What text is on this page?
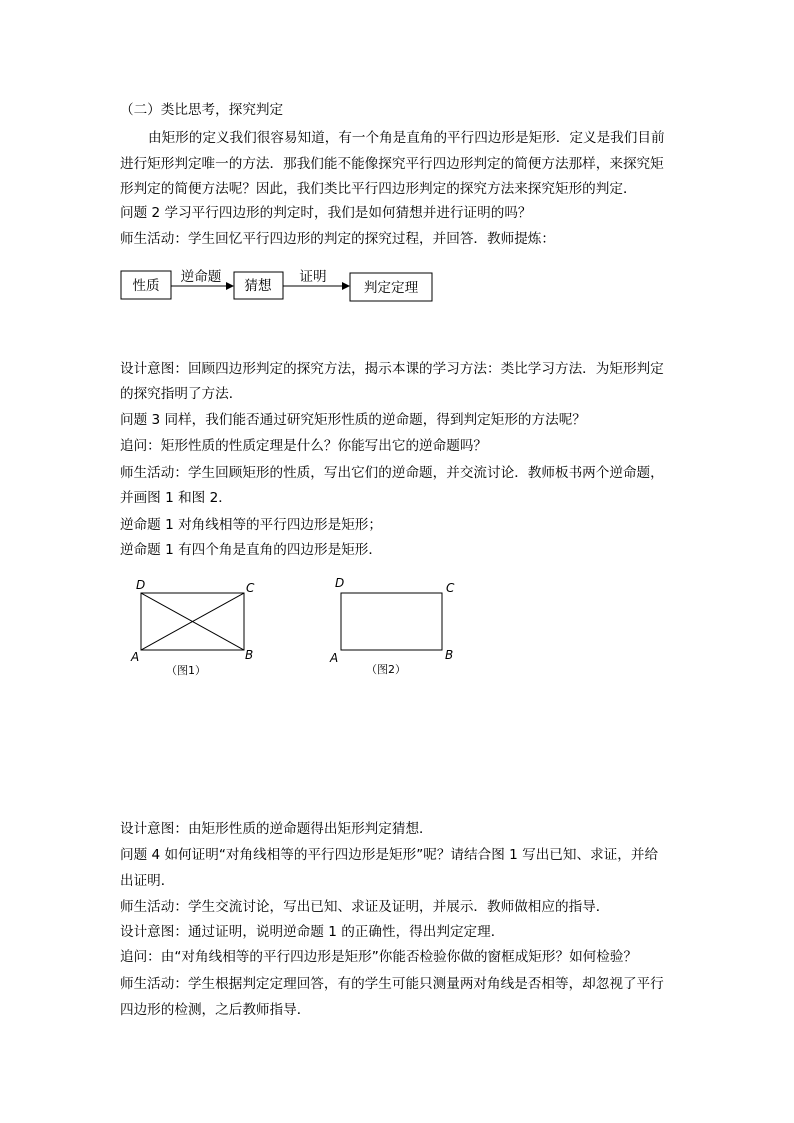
（二）类比思考，探究判定
由矩形的定义我们很容易知道，有一个角是直角的平行四边形是矩形．定义是我们目前
进行矩形判定唯一的方法．那我们能不能像探究平行四边形判定的简便方法那样，来探究矩
形判定的简便方法呢？因此，我们类比平行四边形判定的探究方法来探究矩形的判定．
问题 2 学习平行四边形的判定时，我们是如何猜想并进行证明的吗？
师生活动：学生回忆平行四边形的判定的探究过程，并回答．教师提炼：
性质
逆命题
猜想
证明
判定定理
设计意图：回顾四边形判定的探究方法，揭示本课的学习方法：类比学习方法．为矩形判定
的探究指明了方法．
问题 3 同样，我们能否通过研究矩形性质的逆命题，得到判定矩形的方法呢？
追问：矩形性质的性质定理是什么？你能写出它的逆命题吗？
师生活动：学生回顾矩形的性质，写出它们的逆命题，并交流讨论．教师板书两个逆命题，
并画图 1 和图 2．
逆命题 1 对角线相等的平行四边形是矩形；
逆命题 1 有四个角是直角的四边形是矩形．
D	C
A	B
（图1）
D	C
A	B
（图2）
设计意图：由矩形性质的逆命题得出矩形判定猜想．
问题 4 如何证明“对角线相等的平行四边形是矩形”呢？请结合图 1 写出已知、求证，并给
出证明．
师生活动：学生交流讨论，写出已知、求证及证明，并展示．教师做相应的指导．
设计意图：通过证明，说明逆命题 1 的正确性，得出判定定理．
追问：由“对角线相等的平行四边形是矩形”你能否检验你做的窗框成矩形？如何检验？
师生活动：学生根据判定定理回答，有的学生可能只测量两对角线是否相等，却忽视了平行
四边形的检测，之后教师指导．
